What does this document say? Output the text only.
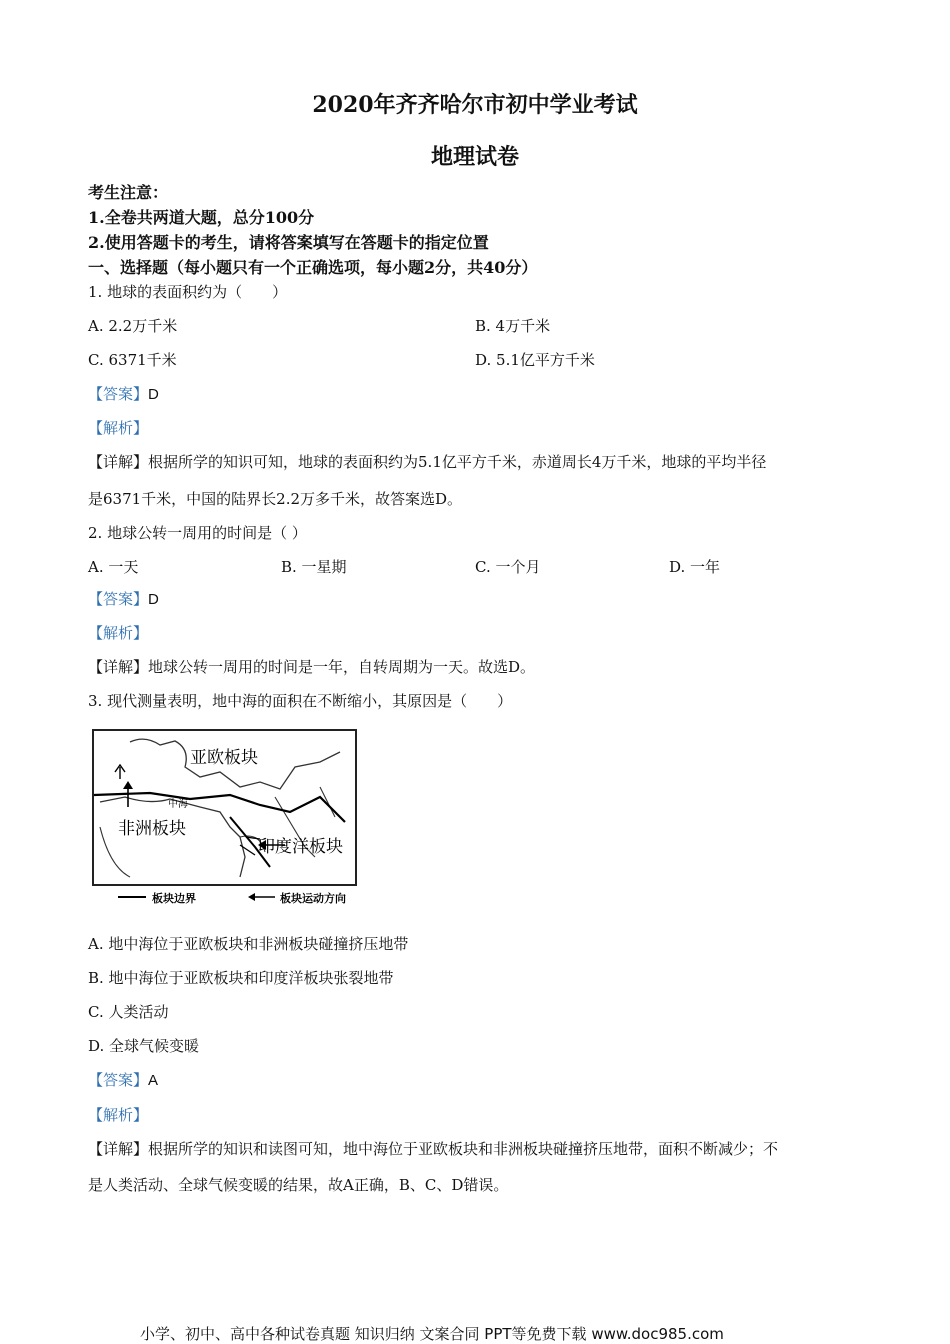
2020年齐齐哈尔市初中学业考试
地理试卷
考生注意：
1.全卷共两道大题，总分100分
2.使用答题卡的考生，请将答案填写在答题卡的指定位置
一、选择题（每小题只有一个正确选项，每小题2分，共40分）
1. 地球的表面积约为（　　）
A. 2.2万千米	B. 4万千米
C. 6371千米	D. 5.1亿平方千米
【答案】D
【解析】
【详解】根据所学的知识可知，地球的表面积约为5.1亿平方千米，赤道周长4万千米，地球的平均半径
是6371千米，中国的陆界长2.2万多千米，故答案选D。
2. 地球公转一周用的时间是（ ）
A. 一天	B. 一星期	C. 一个月	D. 一年
【答案】D
【解析】
【详解】地球公转一周用的时间是一年，自转周期为一天。故选D。
3. 现代测量表明，地中海的面积在不断缩小，其原因是（　　）
亚欧板块
中海
非洲板块
印度洋板块
板块边界	板块运动方向
A. 地中海位于亚欧板块和非洲板块碰撞挤压地带
B. 地中海位于亚欧板块和印度洋板块张裂地带
C. 人类活动
D. 全球气候变暖
【答案】A
【解析】
【详解】根据所学的知识和读图可知，地中海位于亚欧板块和非洲板块碰撞挤压地带，面积不断减少；不
是人类活动、全球气候变暖的结果，故A正确，B、C、D错误。
小学、初中、高中各种试卷真题 知识归纳 文案合同 PPT等免费下载 www.doc985.com
